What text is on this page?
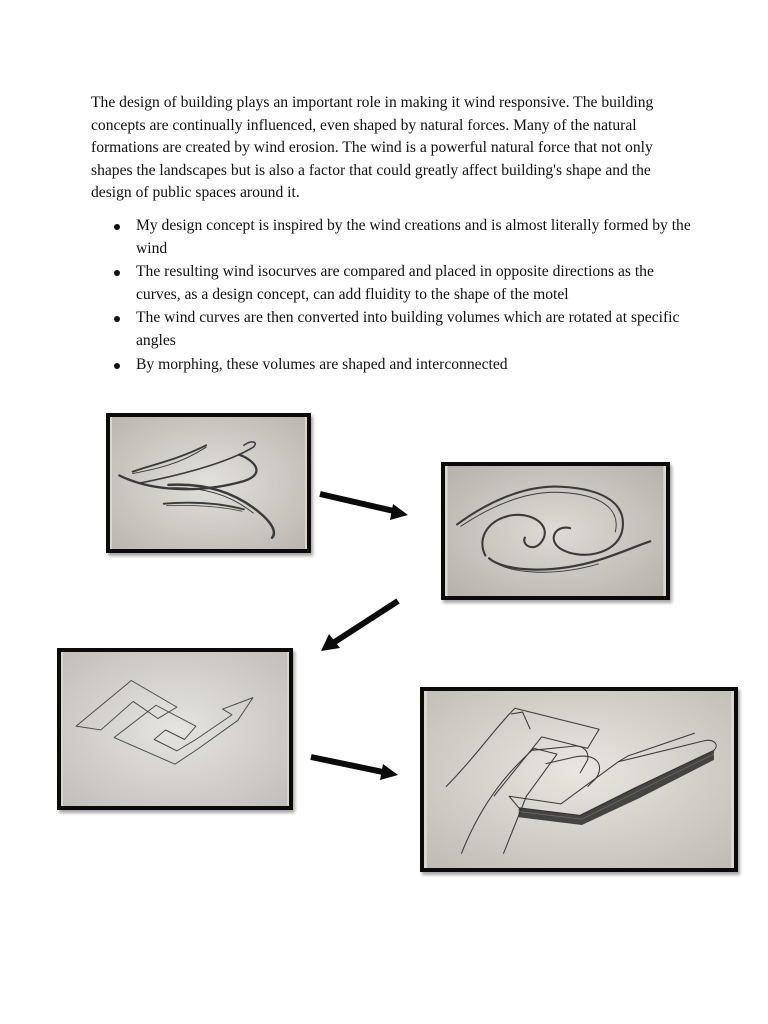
The design of building plays an important role in making it wind responsive. The building concepts are continually influenced, even shaped by natural forces. Many of the natural formations are created by wind erosion. The wind is a powerful natural force that not only shapes the landscapes but is also a factor that could greatly affect building's shape and the design of public spaces around it.

My design concept is inspired by the wind creations and is almost literally formed by the wind
The resulting wind isocurves are compared and placed in opposite directions as the curves, as a design concept, can add fluidity to the shape of the motel
The wind curves are then converted into building volumes which are rotated at specific angles
By morphing, these volumes are shaped and interconnected
